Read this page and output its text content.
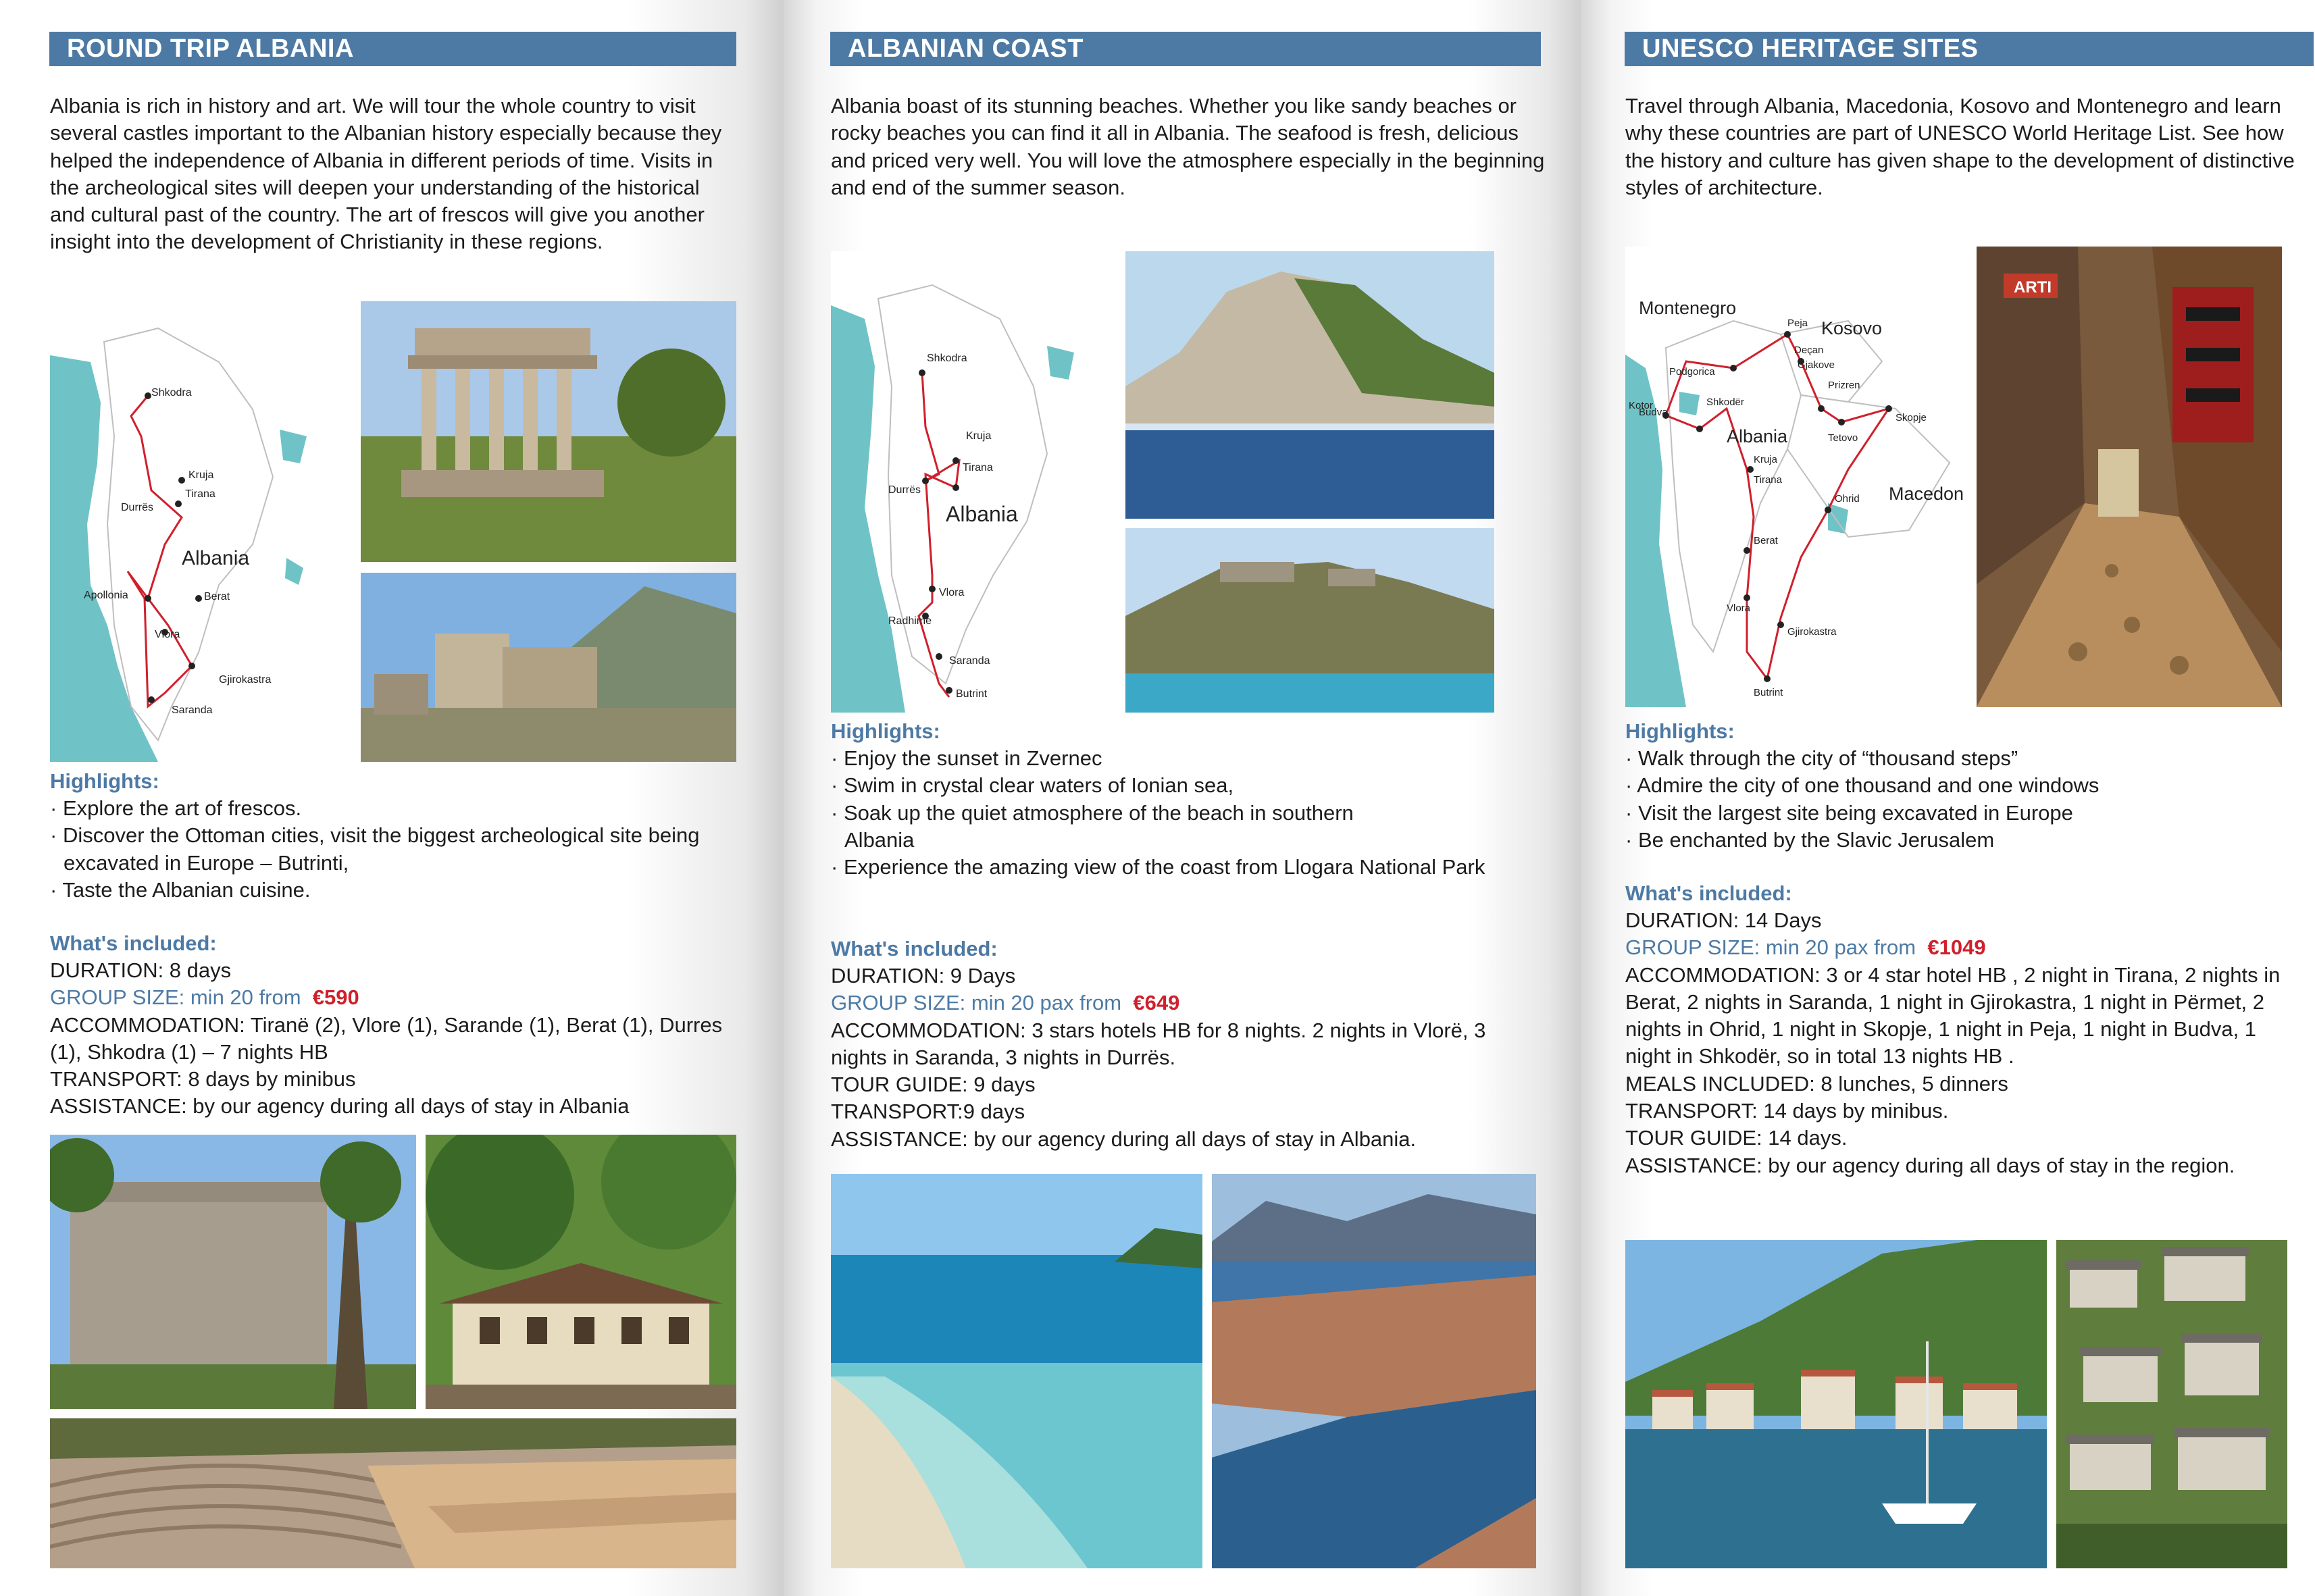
ROUND TRIP ALBANIA

Albania is rich in history and art. We will tour the whole country to visit several castles important to the Albanian history especially because they helped the independence of Albania in different periods of time. Visits in the archeological sites will deepen your understanding of the historical and cultural past of the country. The art of frescos will give you another insight into the development of Christianity in these regions.

Shkodra
Kruja
Tirana
Durrës
Apollonia	Berat
Vlora
Gjirokastra
Saranda
Albania

Highlights:

· Explore the art of frescos.
· Discover the Ottoman cities, visit the biggest archeological site being excavated in Europe – Butrinti,
· Taste the Albanian cuisine.

What's included:

DURATION: 8 days
GROUP SIZE: min 20 from €590
ACCOMMODATION: Tiranë (2), Vlore (1), Sarande (1), Berat (1), Durres (1), Shkodra (1) – 7 nights HB
TRANSPORT: 8 days by minibus
ASSISTANCE: by our agency during all days of stay in Albania
ALBANIAN COAST

Albania boast of its stunning beaches. Whether you like sandy beaches or rocky beaches you can find it all in Albania. The seafood is fresh, delicious and priced very well. You will love the atmosphere especially in the beginning and end of the summer season.

Shkodra
Kruja
Tirana
Durrës
Vlora
Radhime
Saranda
Butrint
Albania

Highlights:

· Enjoy the sunset in Zvernec
· Swim in crystal clear waters of Ionian sea,
· Soak up the quiet atmosphere of the beach in southern Albania
· Experience the amazing view of the coast from Llogara National Park

What's included:

DURATION: 9 Days
GROUP SIZE: min 20 pax from €649
ACCOMMODATION: 3 stars hotels HB for 8 nights. 2 nights in Vlorë, 3 nights in Saranda, 3 nights in Durrës.
TOUR GUIDE: 9 days
TRANSPORT:9 days
ASSISTANCE: by our agency during all days of stay in Albania.
UNESCO HERITAGE SITES

Travel through Albania, Macedonia, Kosovo and Montenegro and learn why these countries are part of UNESCO World Heritage List. See how the history and culture has given shape to the development of distinctive styles of architecture.

Peja
Deçan
Gjakove
Kotor
Podgorica
Prizren
Budva
Shkodër
Skopje
Tetovo
Kruja
Tirana
Ohrid
Berat
Vlora
Gjirokastra
Butrint
Montenegro
Kosovo
Albania
Macedon
ARTI

Highlights:

· Walk through the city of “thousand steps”
· Admire the city of one thousand and one windows
· Visit the largest site being excavated in Europe
· Be enchanted by the Slavic Jerusalem

What's included:

DURATION: 14 Days
GROUP SIZE: min 20 pax from €1049
ACCOMMODATION: 3 or 4 star hotel HB , 2 night in Tirana, 2 nights in Berat, 2 nights in Saranda, 1 night in Gjirokastra, 1 night in Përmet, 2 nights in Ohrid, 1 night in Skopje, 1 night in Peja, 1 night in Budva, 1 night in Shkodër, so in total 13 nights HB .
MEALS INCLUDED: 8 lunches, 5 dinners
TRANSPORT: 14 days by minibus.
TOUR GUIDE: 14 days.
ASSISTANCE: by our agency during all days of stay in the region.
